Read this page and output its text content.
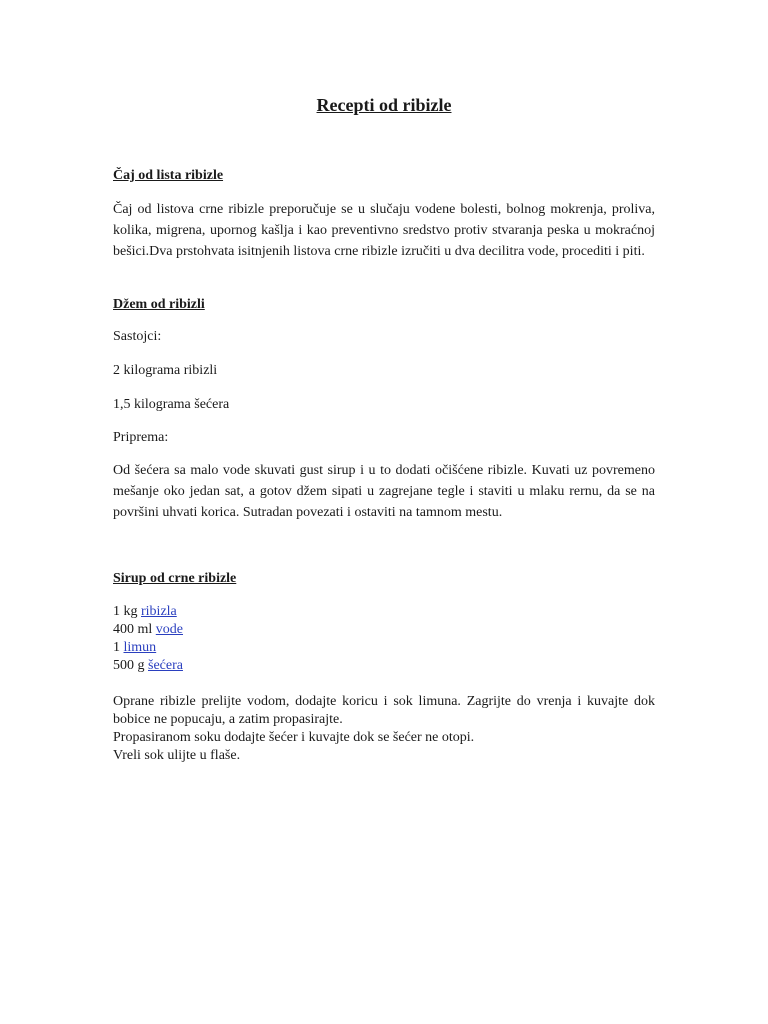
Recepti od ribizle

Čaj od lista ribizle

Čaj od listova crne ribizle preporučuje se u slučaju vodene bolesti, bolnog mokrenja, proliva, kolika, migrena, upornog kašlja i kao preventivno sredstvo protiv stvaranja peska u mokraćnoj bešici.Dva prstohvata isitnjenih listova crne ribizle izručiti u dva decilitra vode, procediti i piti.

Džem od ribizli

Sastojci:

2 kilograma ribizli

1,5 kilograma šećera

Priprema:

Od šećera sa malo vode skuvati gust sirup i u to dodati očišćene ribizle. Kuvati uz povremeno mešanje oko jedan sat, a gotov džem sipati u zagrejane tegle i staviti u mlaku rernu, da se na površini uhvati korica. Sutradan povezati i ostaviti na tamnom mestu.

Sirup od crne ribizle

1 kg ribizla

400 ml vode

1 limun

500 g šećera

Oprane ribizle prelijte vodom, dodajte koricu i sok limuna. Zagrijte do vrenja i kuvajte dok bobice ne popucaju, a zatim propasirajte.

Propasiranom soku dodajte šećer i kuvajte dok se šećer ne otopi.

Vreli sok ulijte u flaše.
